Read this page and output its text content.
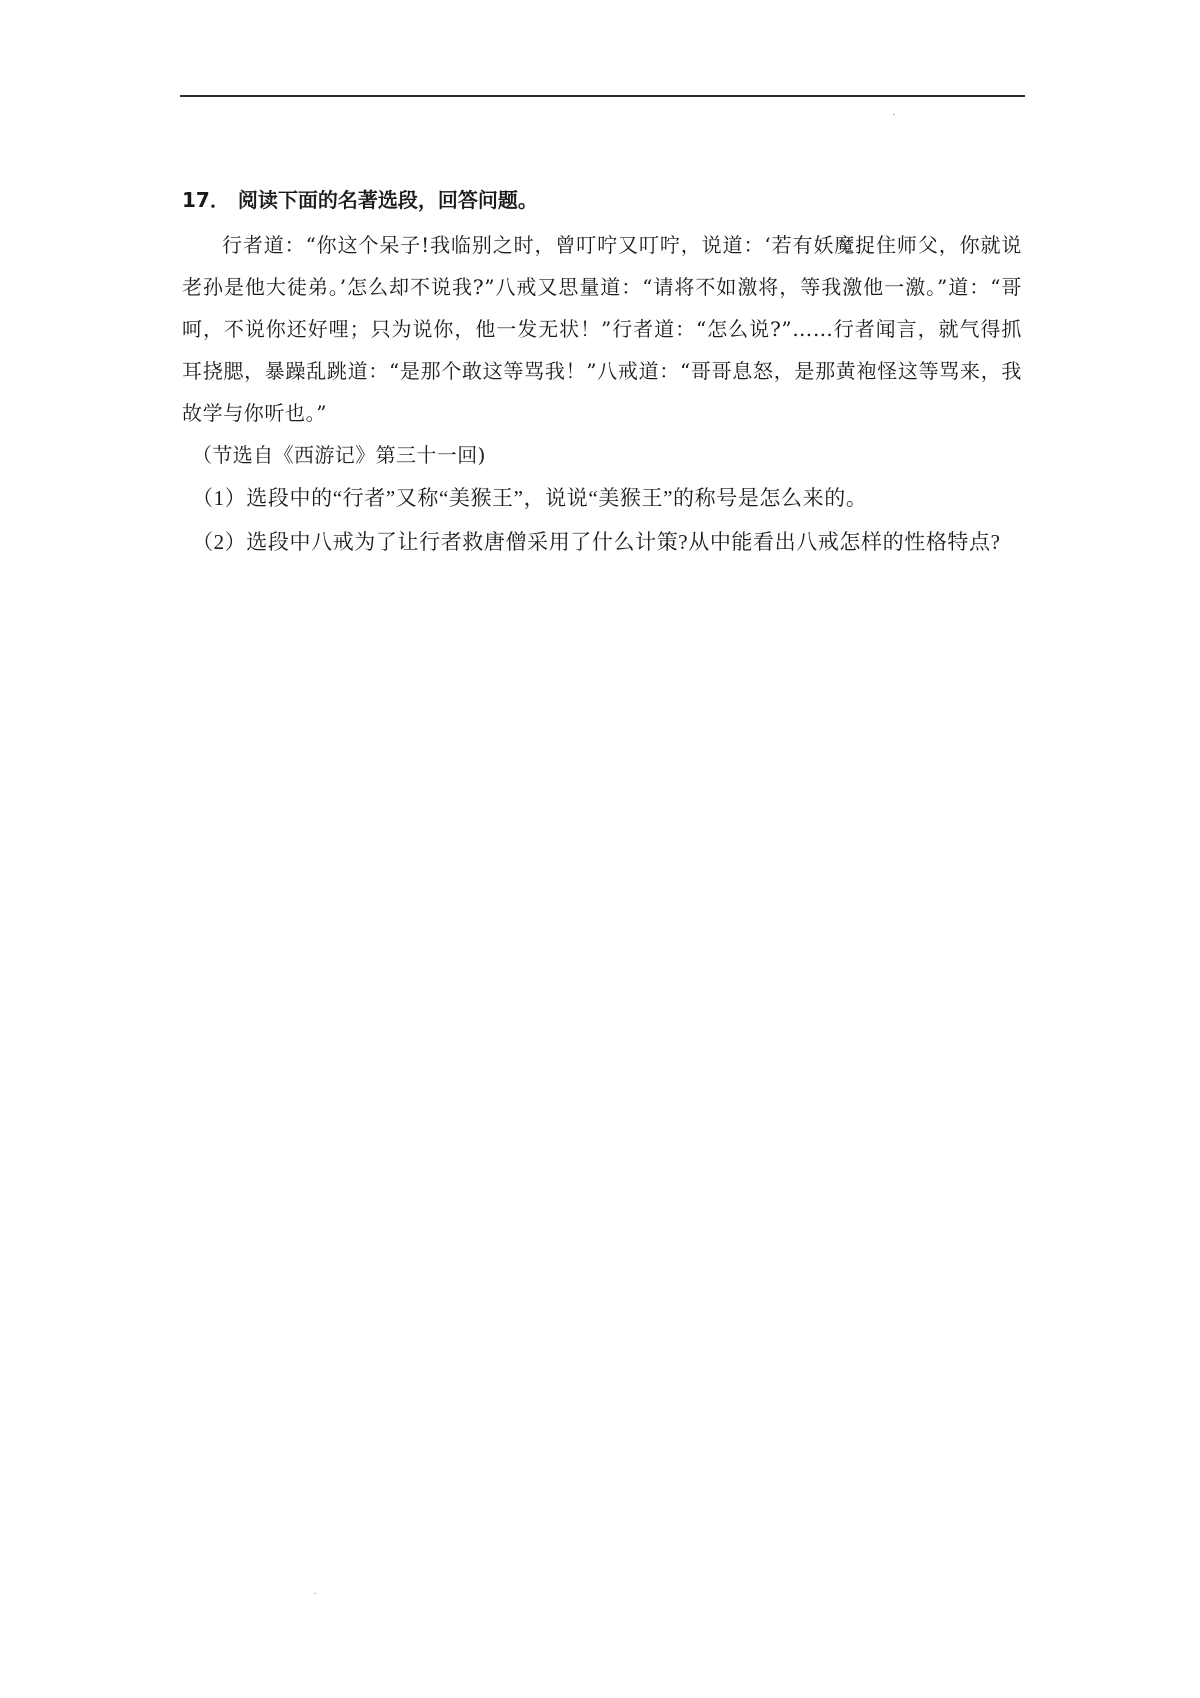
17． 阅读下面的名著选段，回答问题。

行者道：“你这个呆子!我临别之时，曾叮咛又叮咛，说道：‘若有妖魔捉住师父，你就说老孙是他大徒弟。’怎么却不说我?”八戒又思量道：“请将不如激将，等我激他一激。”道：“哥呵，不说你还好哩；只为说你，他一发无状！”行者道：“怎么说?”……行者闻言，就气得抓耳挠腮，暴躁乱跳道：“是那个敢这等骂我！”八戒道：“哥哥息怒，是那黄袍怪这等骂来，我故学与你听也。”

（节选自《西游记》第三十一回)

（1）选段中的“行者”又称“美猴王”，说说“美猴王”的称号是怎么来的。

（2）选段中八戒为了让行者救唐僧采用了什么计策?从中能看出八戒怎样的性格特点?
